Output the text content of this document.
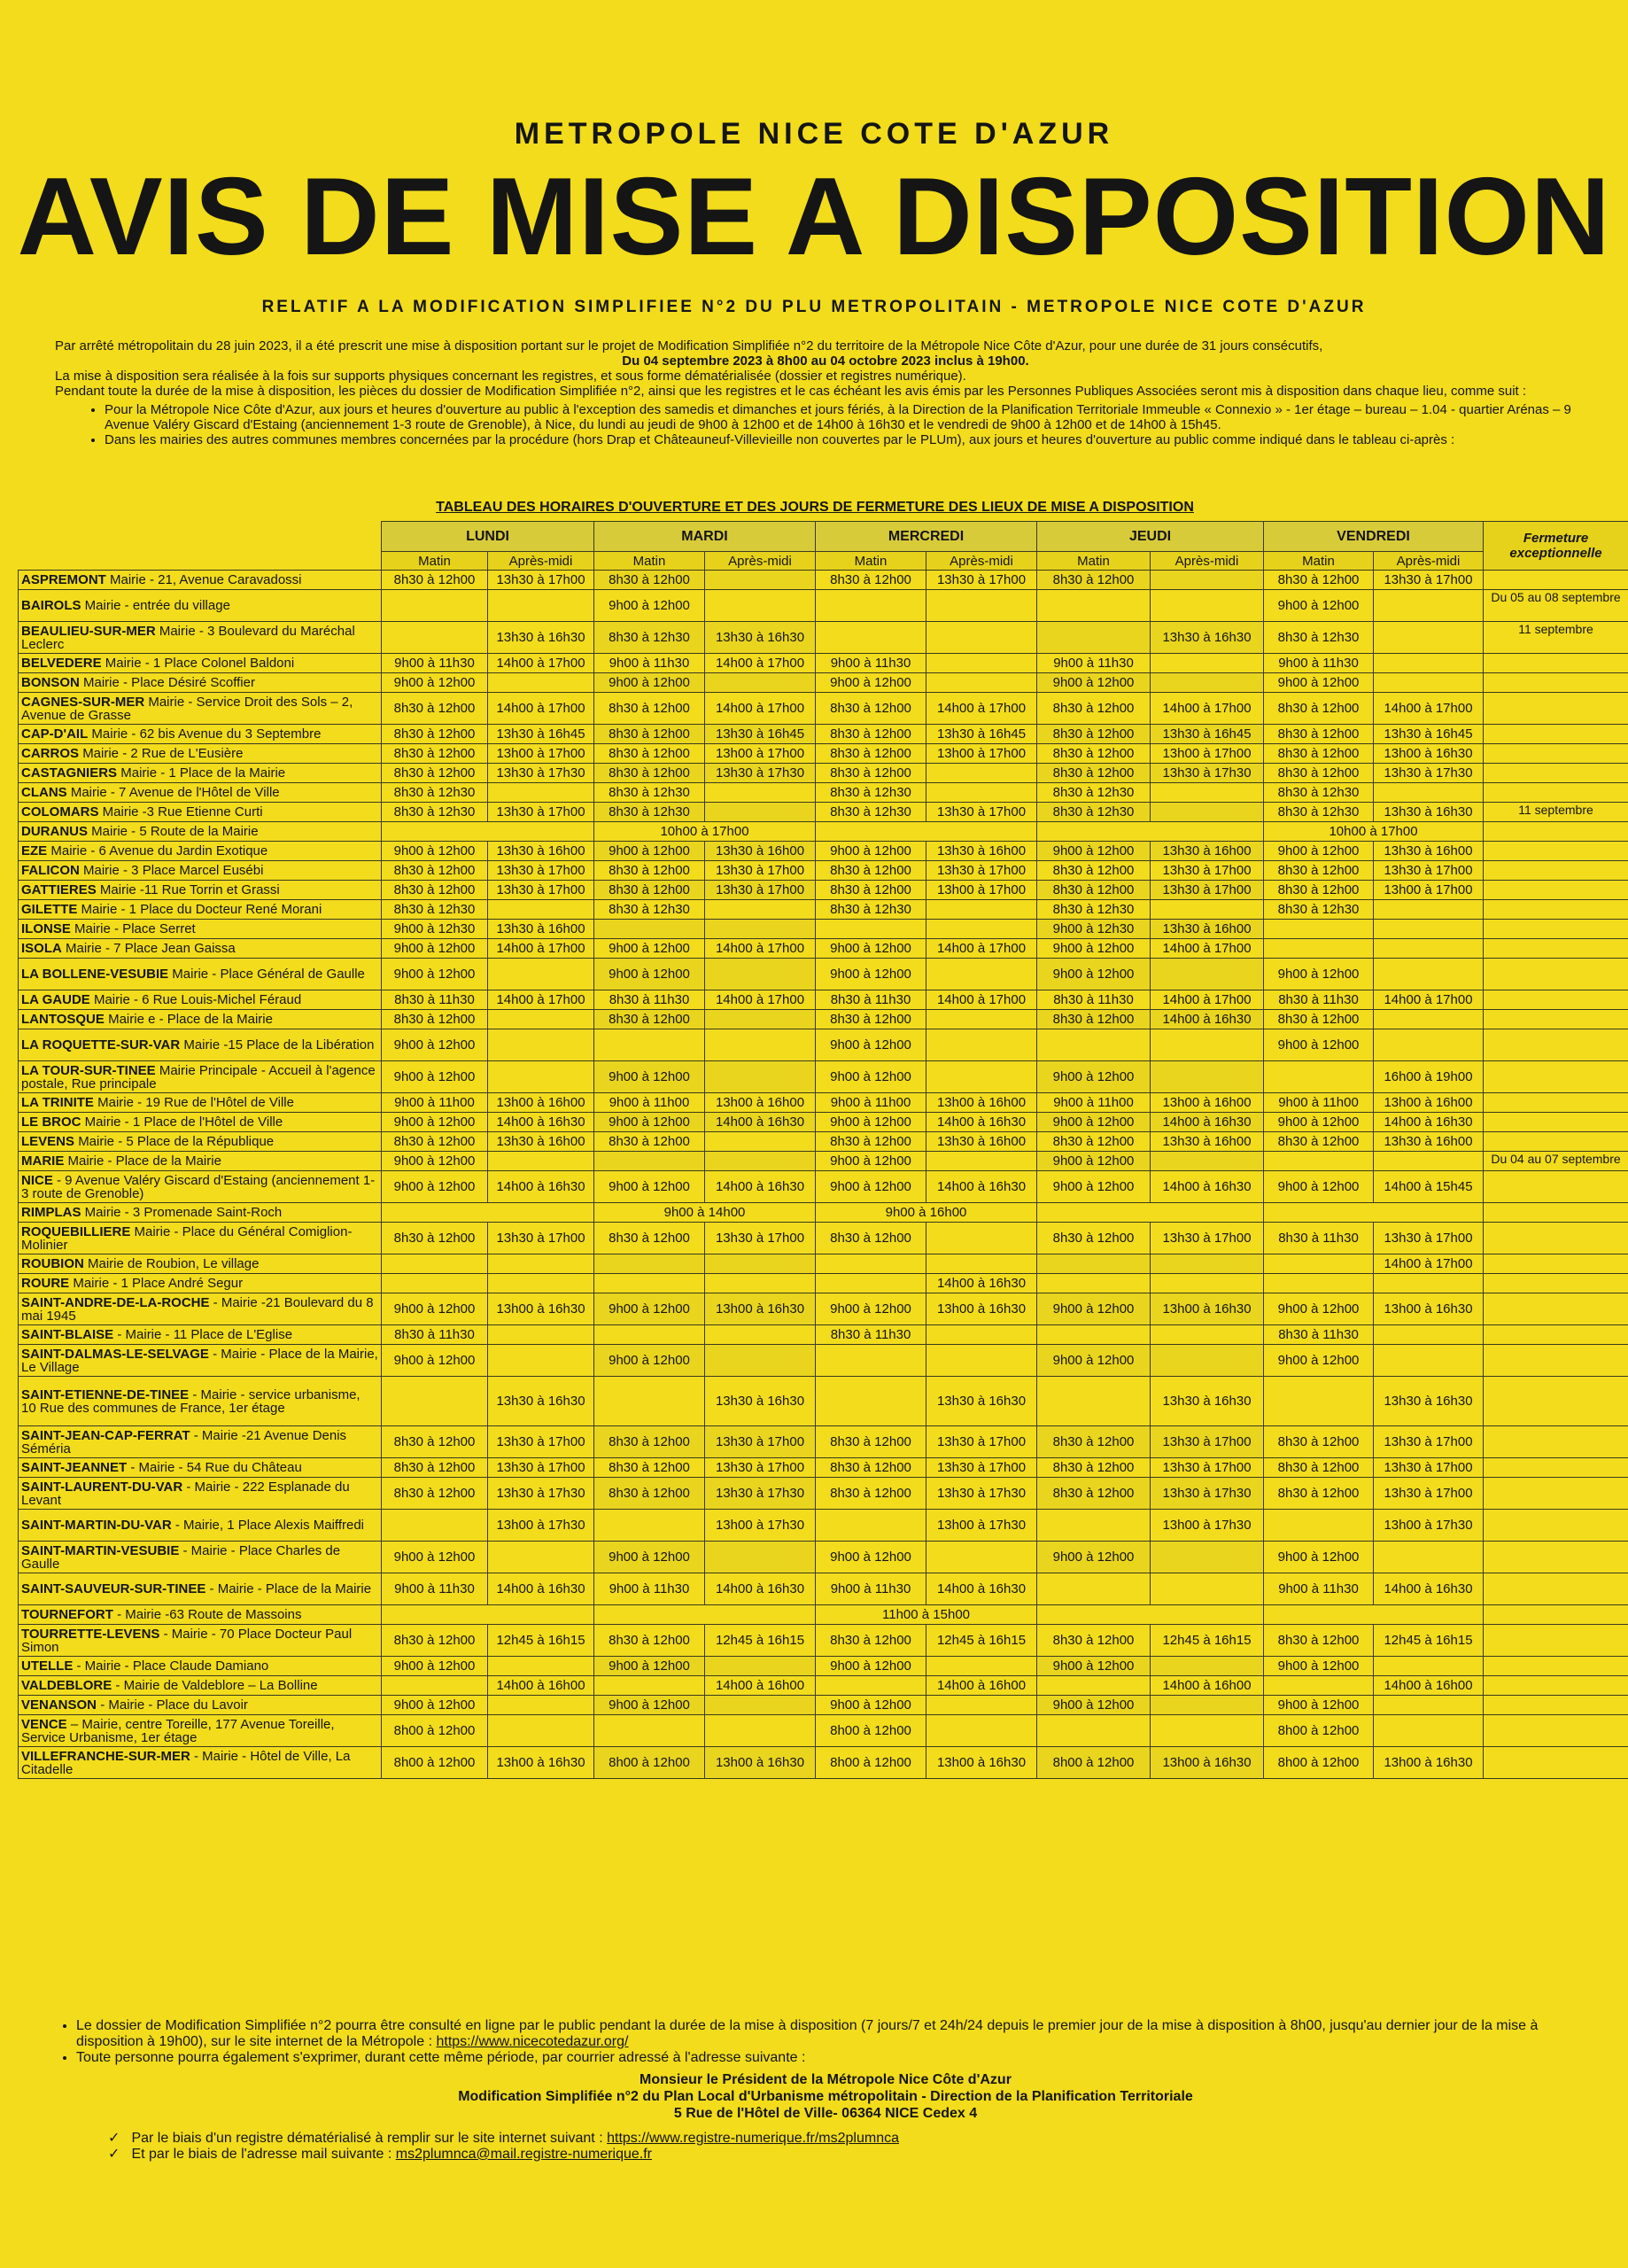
METROPOLE NICE COTE D'AZUR
AVIS DE MISE A DISPOSITION
RELATIF A LA MODIFICATION SIMPLIFIEE N°2 DU PLU METROPOLITAIN - METROPOLE NICE COTE D'AZUR

Par arrêté métropolitain du 28 juin 2023, il a été prescrit une mise à disposition portant sur le projet de Modification Simplifiée n°2 du territoire de la Métropole Nice Côte d'Azur, pour une durée de 31 jours consécutifs,

Du 04 septembre 2023 à 8h00 au 04 octobre 2023 inclus à 19h00.

La mise à disposition sera réalisée à la fois sur supports physiques concernant les registres, et sous forme dématérialisée (dossier et registres numérique).

Pendant toute la durée de la mise à disposition, les pièces du dossier de Modification Simplifiée n°2, ainsi que les registres et le cas échéant les avis émis par les Personnes Publiques Associées seront mis à disposition dans chaque lieu, comme suit :

• Pour la Métropole Nice Côte d'Azur, aux jours et heures d'ouverture au public à l'exception des samedis et dimanches et jours fériés, à la Direction de la Planification Territoriale Immeuble « Connexio » - 1er étage – bureau – 1.04 - quartier Arénas – 9 Avenue Valéry Giscard d'Estaing (anciennement 1-3 route de Grenoble), à Nice, du lundi au jeudi de 9h00 à 12h00 et de 14h00 à 16h30 et le vendredi de 9h00 à 12h00 et de 14h00 à 15h45.
• Dans les mairies des autres communes membres concernées par la procédure (hors Drap et Châteauneuf-Villevieille non couvertes par le PLUm), aux jours et heures d'ouverture au public comme indiqué dans le tableau ci-après :
TABLEAU DES HORAIRES D'OUVERTURE ET DES JOURS DE FERMETURE DES LIEUX DE MISE A DISPOSITION
	LUNDI		MARDI		MERCREDI		JEUDI		VENDREDI		Fermeture exceptionnelle
	Matin	Après-midi	Matin	Après-midi	Matin	Après-midi	Matin	Après-midi	Matin	Après-midi	
ASPREMONT Mairie - 21, Avenue Caravadossi	8h30 à 12h00	13h30 à 17h00	8h30 à 12h00		8h30 à 12h00	13h30 à 17h00	8h30 à 12h00		8h30 à 12h00	13h30 à 17h00	
BAIROLS Mairie - entrée du village			9h00 à 12h00						9h00 à 12h00		Du 05 au 08 septembre
BEAULIEU-SUR-MER Mairie - 3 Boulevard du Maréchal Leclerc		13h30 à 16h30	8h30 à 12h30	13h30 à 16h30				13h30 à 16h30	8h30 à 12h30		11 septembre
BELVEDERE Mairie - 1 Place Colonel Baldoni	9h00 à 11h30	14h00 à 17h00	9h00 à 11h30	14h00 à 17h00	9h00 à 11h30		9h00 à 11h30		9h00 à 11h30		
BONSON Mairie - Place Désiré Scoffier	9h00 à 12h00		9h00 à 12h00		9h00 à 12h00		9h00 à 12h00		9h00 à 12h00		
CAGNES-SUR-MER Mairie - Service Droit des Sols – 2, Avenue de Grasse	8h30 à 12h00	14h00 à 17h00	8h30 à 12h00	14h00 à 17h00	8h30 à 12h00	14h00 à 17h00	8h30 à 12h00	14h00 à 17h00	8h30 à 12h00	14h00 à 17h00	
CAP-D'AIL Mairie - 62 bis Avenue du 3 Septembre	8h30 à 12h00	13h30 à 16h45	8h30 à 12h00	13h30 à 16h45	8h30 à 12h00	13h30 à 16h45	8h30 à 12h00	13h30 à 16h45	8h30 à 12h00	13h30 à 16h45	
CARROS Mairie - 2 Rue de L'Eusière	8h30 à 12h00	13h00 à 17h00	8h30 à 12h00	13h00 à 17h00	8h30 à 12h00	13h00 à 17h00	8h30 à 12h00	13h00 à 17h00	8h30 à 12h00	13h00 à 16h30	
CASTAGNIERS Mairie - 1 Place de la Mairie	8h30 à 12h00	13h30 à 17h30	8h30 à 12h00	13h30 à 17h30	8h30 à 12h00		8h30 à 12h00	13h30 à 17h30	8h30 à 12h00	13h30 à 17h30	
CLANS Mairie - 7 Avenue de l'Hôtel de Ville	8h30 à 12h30		8h30 à 12h30		8h30 à 12h30		8h30 à 12h30		8h30 à 12h30		
COLOMARS Mairie -3 Rue Etienne Curti	8h30 à 12h30	13h30 à 17h00	8h30 à 12h30		8h30 à 12h30	13h30 à 17h00	8h30 à 12h30		8h30 à 12h30	13h30 à 16h30	11 septembre
DURANUS Mairie - 5 Route de la Mairie			10h00 à 17h00						10h00 à 17h00		
EZE Mairie - 6 Avenue du Jardin Exotique	9h00 à 12h00	13h30 à 16h00	9h00 à 12h00	13h30 à 16h00	9h00 à 12h00	13h30 à 16h00	9h00 à 12h00	13h30 à 16h00	9h00 à 12h00	13h30 à 16h00	
FALICON Mairie - 3 Place Marcel Eusébi	8h30 à 12h00	13h30 à 17h00	8h30 à 12h00	13h30 à 17h00	8h30 à 12h00	13h30 à 17h00	8h30 à 12h00	13h30 à 17h00	8h30 à 12h00	13h30 à 17h00	
GATTIERES Mairie -11 Rue Torrin et Grassi	8h30 à 12h00	13h30 à 17h00	8h30 à 12h00	13h30 à 17h00	8h30 à 12h00	13h00 à 17h00	8h30 à 12h00	13h30 à 17h00	8h30 à 12h00	13h00 à 17h00	
GILETTE Mairie - 1 Place du Docteur René Morani	8h30 à 12h30		8h30 à 12h30		8h30 à 12h30		8h30 à 12h30		8h30 à 12h30		
ILONSE Mairie - Place Serret	9h00 à 12h30	13h30 à 16h00					9h00 à 12h30	13h30 à 16h00			
ISOLA Mairie - 7 Place Jean Gaissa	9h00 à 12h00	14h00 à 17h00	9h00 à 12h00	14h00 à 17h00	9h00 à 12h00	14h00 à 17h00	9h00 à 12h00	14h00 à 17h00			
LA BOLLENE-VESUBIE Mairie - Place Général de Gaulle	9h00 à 12h00		9h00 à 12h00		9h00 à 12h00		9h00 à 12h00		9h00 à 12h00		
LA GAUDE Mairie - 6 Rue Louis-Michel Féraud	8h30 à 11h30	14h00 à 17h00	8h30 à 11h30	14h00 à 17h00	8h30 à 11h30	14h00 à 17h00	8h30 à 11h30	14h00 à 17h00	8h30 à 11h30	14h00 à 17h00	
LANTOSQUE Mairie e - Place de la Mairie	8h30 à 12h00		8h30 à 12h00		8h30 à 12h00		8h30 à 12h00	14h00 à 16h30	8h30 à 12h00		
LA ROQUETTE-SUR-VAR Mairie -15 Place de la Libération	9h00 à 12h00				9h00 à 12h00				9h00 à 12h00		
LA TOUR-SUR-TINEE Mairie Principale - Accueil à l'agence postale, Rue principale	9h00 à 12h00		9h00 à 12h00		9h00 à 12h00		9h00 à 12h00			16h00 à 19h00	
LA TRINITE Mairie - 19 Rue de l'Hôtel de Ville	9h00 à 11h00	13h00 à 16h00	9h00 à 11h00	13h00 à 16h00	9h00 à 11h00	13h00 à 16h00	9h00 à 11h00	13h00 à 16h00	9h00 à 11h00	13h00 à 16h00	
LE BROC Mairie - 1 Place de l'Hôtel de Ville	9h00 à 12h00	14h00 à 16h30	9h00 à 12h00	14h00 à 16h30	9h00 à 12h00	14h00 à 16h30	9h00 à 12h00	14h00 à 16h30	9h00 à 12h00	14h00 à 16h30	
LEVENS Mairie - 5 Place de la République	8h30 à 12h00	13h30 à 16h00	8h30 à 12h00		8h30 à 12h00	13h30 à 16h00	8h30 à 12h00	13h30 à 16h00	8h30 à 12h00	13h30 à 16h00	
MARIE Mairie - Place de la Mairie	9h00 à 12h00				9h00 à 12h00		9h00 à 12h00				Du 04 au 07 septembre
NICE - 9 Avenue Valéry Giscard d'Estaing (anciennement 1-3 route de Grenoble)	9h00 à 12h00	14h00 à 16h30	9h00 à 12h00	14h00 à 16h30	9h00 à 12h00	14h00 à 16h30	9h00 à 12h00	14h00 à 16h30	9h00 à 12h00	14h00 à 15h45	
RIMPLAS Mairie - 3 Promenade Saint-Roch			9h00 à 14h00		9h00 à 16h00						
ROQUEBILLIERE Mairie - Place du Général Comiglion-Molinier	8h30 à 12h00	13h30 à 17h00	8h30 à 12h00	13h30 à 17h00	8h30 à 12h00		8h30 à 12h00	13h30 à 17h00	8h30 à 11h30	13h30 à 17h00	
ROUBION Mairie de Roubion, Le village										14h00 à 17h00	
ROURE Mairie - 1 Place André Segur						14h00 à 16h30					
SAINT-ANDRE-DE-LA-ROCHE - Mairie -21 Boulevard du 8 mai 1945	9h00 à 12h00	13h00 à 16h30	9h00 à 12h00	13h00 à 16h30	9h00 à 12h00	13h00 à 16h30	9h00 à 12h00	13h00 à 16h30	9h00 à 12h00	13h00 à 16h30	
SAINT-BLAISE - Mairie - 11 Place de L'Eglise	8h30 à 11h30				8h30 à 11h30				8h30 à 11h30		
SAINT-DALMAS-LE-SELVAGE - Mairie - Place de la Mairie, Le Village	9h00 à 12h00		9h00 à 12h00				9h00 à 12h00		9h00 à 12h00		
SAINT-ETIENNE-DE-TINEE - Mairie - service urbanisme, 10 Rue des communes de France, 1er étage		13h30 à 16h30		13h30 à 16h30		13h30 à 16h30		13h30 à 16h30		13h30 à 16h30	
SAINT-JEAN-CAP-FERRAT - Mairie -21 Avenue Denis Séméria	8h30 à 12h00	13h30 à 17h00	8h30 à 12h00	13h30 à 17h00	8h30 à 12h00	13h30 à 17h00	8h30 à 12h00	13h30 à 17h00	8h30 à 12h00	13h30 à 17h00	
SAINT-JEANNET - Mairie - 54 Rue du Château	8h30 à 12h00	13h30 à 17h00	8h30 à 12h00	13h30 à 17h00	8h30 à 12h00	13h30 à 17h00	8h30 à 12h00	13h30 à 17h00	8h30 à 12h00	13h30 à 17h00	
SAINT-LAURENT-DU-VAR - Mairie - 222 Esplanade du Levant	8h30 à 12h00	13h30 à 17h30	8h30 à 12h00	13h30 à 17h30	8h30 à 12h00	13h30 à 17h30	8h30 à 12h00	13h30 à 17h30	8h30 à 12h00	13h30 à 17h00	
SAINT-MARTIN-DU-VAR - Mairie, 1 Place Alexis Maiffredi		13h00 à 17h30		13h00 à 17h30		13h00 à 17h30		13h00 à 17h30		13h00 à 17h30	
SAINT-MARTIN-VESUBIE - Mairie - Place Charles de Gaulle	9h00 à 12h00		9h00 à 12h00		9h00 à 12h00		9h00 à 12h00		9h00 à 12h00		
SAINT-SAUVEUR-SUR-TINEE - Mairie - Place de la Mairie	9h00 à 11h30	14h00 à 16h30	9h00 à 11h30	14h00 à 16h30	9h00 à 11h30	14h00 à 16h30			9h00 à 11h30	14h00 à 16h30	
TOURNEFORT - Mairie -63 Route de Massoins					11h00 à 15h00						
TOURRETTE-LEVENS - Mairie - 70 Place Docteur Paul Simon	8h30 à 12h00	12h45 à 16h15	8h30 à 12h00	12h45 à 16h15	8h30 à 12h00	12h45 à 16h15	8h30 à 12h00	12h45 à 16h15	8h30 à 12h00	12h45 à 16h15	
UTELLE - Mairie - Place Claude Damiano	9h00 à 12h00		9h00 à 12h00		9h00 à 12h00		9h00 à 12h00		9h00 à 12h00		
VALDEBLORE - Mairie de Valdeblore – La Bolline		14h00 à 16h00		14h00 à 16h00		14h00 à 16h00		14h00 à 16h00		14h00 à 16h00	
VENANSON - Mairie - Place du Lavoir	9h00 à 12h00		9h00 à 12h00		9h00 à 12h00		9h00 à 12h00		9h00 à 12h00		
VENCE – Mairie, centre Toreille, 177 Avenue Toreille, Service Urbanisme, 1er étage	8h00 à 12h00				8h00 à 12h00				8h00 à 12h00		
VILLEFRANCHE-SUR-MER - Mairie - Hôtel de Ville, La Citadelle	8h00 à 12h00	13h00 à 16h30	8h00 à 12h00	13h00 à 16h30	8h00 à 12h00	13h00 à 16h30	8h00 à 12h00	13h00 à 16h30	8h00 à 12h00	13h00 à 16h30	
• Le dossier de Modification Simplifiée n°2 pourra être consulté en ligne par le public pendant la durée de la mise à disposition (7 jours/7 et 24h/24 depuis le premier jour de la mise à disposition à 8h00, jusqu'au dernier jour de la mise à disposition à 19h00), sur le site internet de la Métropole : https://www.nicecotedazur.org/
• Toute personne pourra également s'exprimer, durant cette même période, par courrier adressé à l'adresse suivante :
Monsieur le Président de la Métropole Nice Côte d'Azur
Modification Simplifiée n°2 du Plan Local d'Urbanisme métropolitain - Direction de la Planification Territoriale
5 Rue de l'Hôtel de Ville- 06364 NICE Cedex 4
✓ Par le biais d'un registre dématérialisé à remplir sur le site internet suivant : https://www.registre-numerique.fr/ms2plumnca
✓ Et par le biais de l'adresse mail suivante : ms2plumnca@mail.registre-numerique.fr
